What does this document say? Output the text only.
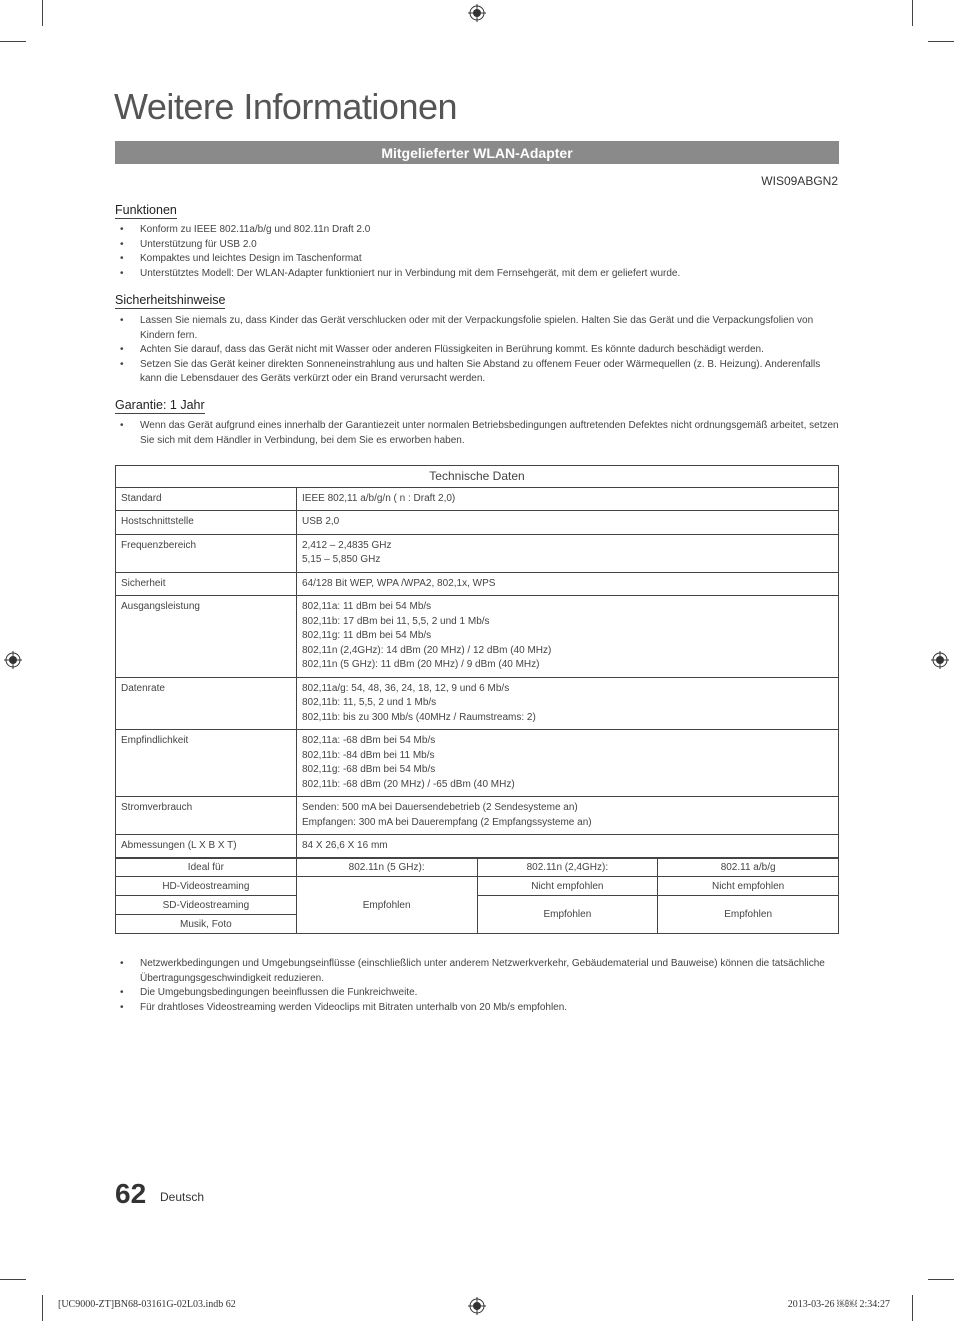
Weitere Informationen
Mitgelieferter WLAN-Adapter
WIS09ABGN2
Funktionen
• Konform zu IEEE 802.11a/b/g und 802.11n Draft 2.0
• Unterstützung für USB 2.0
• Kompaktes und leichtes Design im Taschenformat
• Unterstütztes Modell: Der WLAN-Adapter funktioniert nur in Verbindung mit dem Fernsehgerät, mit dem er geliefert wurde.
Sicherheitshinweise
• Lassen Sie niemals zu, dass Kinder das Gerät verschlucken oder mit der Verpackungsfolie spielen. Halten Sie das Gerät und die Verpackungsfolien von Kindern fern.
• Achten Sie darauf, dass das Gerät nicht mit Wasser oder anderen Flüssigkeiten in Berührung kommt. Es könnte dadurch beschädigt werden.
• Setzen Sie das Gerät keiner direkten Sonneneinstrahlung aus und halten Sie Abstand zu offenem Feuer oder Wärmequellen (z. B. Heizung). Anderenfalls kann die Lebensdauer des Geräts verkürzt oder ein Brand verursacht werden.
Garantie: 1 Jahr
• Wenn das Gerät aufgrund eines innerhalb der Garantiezeit unter normalen Betriebsbedingungen auftretenden Defektes nicht ordnungsgemäß arbeitet, setzen Sie sich mit dem Händler in Verbindung, bei dem Sie es erworben haben.
Technische Daten	
Standard	IEEE 802,11 a/b/g/n ( n : Draft 2,0)

Hostschnittstelle	USB 2,0

Frequenzbereich	2,412 – 2,4835 GHz
5,15 – 5,850 GHz

Sicherheit	64/128 Bit WEP, WPA /WPA2, 802,1x, WPS

Ausgangsleistung	802,11a: 11 dBm bei 54 Mb/s
802,11b: 17 dBm bei 11, 5,5, 2 und 1 Mb/s
802,11g: 11 dBm bei 54 Mb/s
802,11n (2,4GHz): 14 dBm (20 MHz) / 12 dBm (40 MHz)
802,11n (5 GHz): 11 dBm (20 MHz) / 9 dBm (40 MHz)

Datenrate	802,11a/g: 54, 48, 36, 24, 18, 12, 9 und 6 Mb/s
802,11b: 11, 5,5, 2 und 1 Mb/s
802,11b: bis zu 300 Mb/s (40MHz / Raumstreams: 2)

Empfindlichkeit	802,11a: -68 dBm bei 54 Mb/s
802,11b: -84 dBm bei 11 Mb/s
802,11g: -68 dBm bei 54 Mb/s
802,11b: -68 dBm (20 MHz) / -65 dBm (40 MHz)

Stromverbrauch	Senden: 500 mA bei Dauersendebetrieb (2 Sendesysteme an)
Empfangen: 300 mA bei Dauerempfang (2 Empfangssysteme an)

Abmessungen (L X B X T)	84 X 26,6 X 16 mm
Ideal für	802.11n (5 GHz):	802.11n (2,4GHz):	802.11 a/b/g
HD-Videostreaming	Empfohlen	Nicht empfohlen	Nicht empfohlen
SD-Videostreaming		Empfohlen	Empfohlen
Musik, Foto			
• Netzwerkbedingungen und Umgebungseinflüsse (einschließlich unter anderem Netzwerkverkehr, Gebäudematerial und Bauweise) können die tatsächliche Übertragungsgeschwindigkeit reduzieren.
• Die Umgebungsbedingungen beeinflussen die Funkreichweite.
• Für drahtloses Videostreaming werden Videoclips mit Bitraten unterhalb von 20 Mb/s empfohlen.
62 Deutsch
[UC9000-ZT]BN68-03161G-02L03.indb 62	2013-03-26 ￼￼ 2:34:27
